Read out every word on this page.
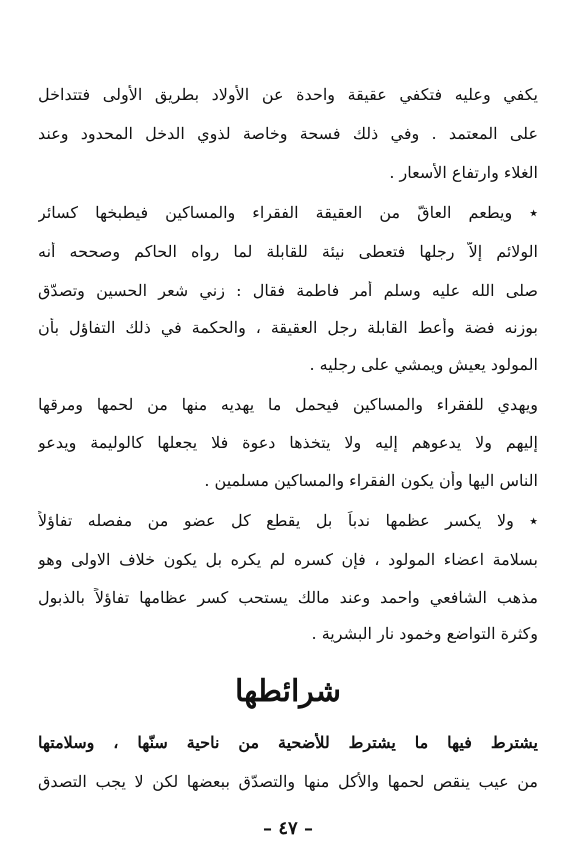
يكفي وعليه فتكفي عقيقة واحدة عن الأولاد بطريق الأولى فتتداخل
على المعتمد . وفي ذلك فسحة وخاصة لذوي الدخل المحدود وعند
الغلاء وارتفاع الأسعار .
٭ ويطعم العاقّ من العقيقة الفقراء والمساكين فيطبخها كسائر
الولائم إلاّ رجلها فتعطى نيئة للقابلة لما رواه الحاكم وصححه أنه
صلى الله عليه وسلم أمر فاطمة فقال : زني شعر الحسين وتصدّق
بوزنه فضة وأعط القابلة رجل العقيقة ، والحكمة في ذلك التفاؤل بأن
المولود يعيش ويمشي على رجليه .
ويهدي للفقراء والمساكين فيحمل ما يهديه منها من لحمها ومرقها
إليهم ولا يدعوهم إليه ولا يتخذها دعوة فلا يجعلها كالوليمة ويدعو
الناس اليها وأن يكون الفقراء والمساكين مسلمين .
٭ ولا يكسر عظمها ندباً بل يقطع كل عضو من مفصله تفاؤلاً
بسلامة اعضاء المولود ، فإن كسره لم يكره بل يكون خلاف الاولى وهو
مذهب الشافعي واحمد وعند مالك يستحب كسر عظامها تفاؤلاً بالذبول
وكثرة التواضع وخمود نار البشرية .
شرائطها
يشترط فيها ما يشترط للأضحية من ناحية سنّها ، وسلامتها
من عيب ينقص لحمها والأكل منها والتصدّق ببعضها لكن لا يجب التصدق
– ٤٧ –
